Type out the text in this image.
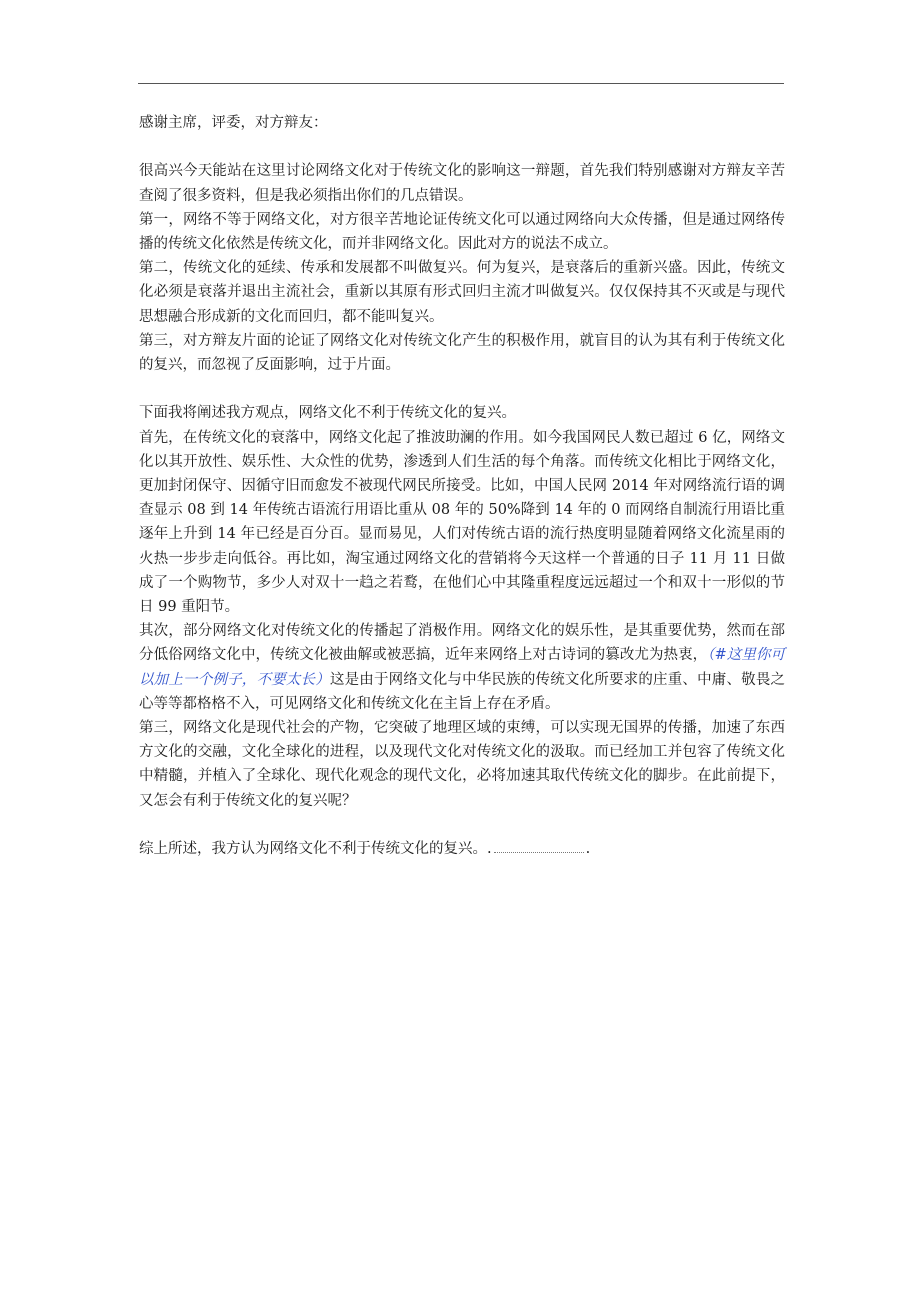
感谢主席，评委，对方辩友：

很高兴今天能站在这里讨论网络文化对于传统文化的影响这一辩题，首先我们特别感谢对方辩友辛苦查阅了很多资料，但是我必须指出你们的几点错误。

第一，网络不等于网络文化，对方很辛苦地论证传统文化可以通过网络向大众传播，但是通过网络传播的传统文化依然是传统文化，而并非网络文化。因此对方的说法不成立。

第二，传统文化的延续、传承和发展都不叫做复兴。何为复兴，是衰落后的重新兴盛。因此，传统文化必须是衰落并退出主流社会，重新以其原有形式回归主流才叫做复兴。仅仅保持其不灭或是与现代思想融合形成新的文化而回归，都不能叫复兴。

第三，对方辩友片面的论证了网络文化对传统文化产生的积极作用，就盲目的认为其有利于传统文化的复兴，而忽视了反面影响，过于片面。

下面我将阐述我方观点，网络文化不利于传统文化的复兴。

首先，在传统文化的衰落中，网络文化起了推波助澜的作用。如今我国网民人数已超过 6 亿，网络文化以其开放性、娱乐性、大众性的优势，渗透到人们生活的每个角落。而传统文化相比于网络文化，更加封闭保守、因循守旧而愈发不被现代网民所接受。比如，中国人民网 2014 年对网络流行语的调查显示 08 到 14 年传统古语流行用语比重从 08 年的 50%降到 14 年的 0 而网络自制流行用语比重逐年上升到 14 年已经是百分百。显而易见，人们对传统古语的流行热度明显随着网络文化流星雨的火热一步步走向低谷。再比如，淘宝通过网络文化的营销将今天这样一个普通的日子 11 月 11 日做成了一个购物节，多少人对双十一趋之若鹜，在他们心中其隆重程度远远超过一个和双十一形似的节日 99 重阳节。

其次，部分网络文化对传统文化的传播起了消极作用。网络文化的娱乐性，是其重要优势，然而在部分低俗网络文化中，传统文化被曲解或被恶搞，近年来网络上对古诗词的篡改尤为热衷，（#这里你可以加上一个例子，不要太长）这是由于网络文化与中华民族的传统文化所要求的庄重、中庸、敬畏之心等等都格格不入，可见网络文化和传统文化在主旨上存在矛盾。

第三，网络文化是现代社会的产物，它突破了地理区域的束缚，可以实现无国界的传播，加速了东西方文化的交融，文化全球化的进程，以及现代文化对传统文化的汲取。而已经加工并包容了传统文化中精髓，并植入了全球化、现代化观念的现代文化，必将加速其取代传统文化的脚步。在此前提下，又怎会有利于传统文化的复兴呢？

综上所述，我方认为网络文化不利于传统文化的复兴。.	.
